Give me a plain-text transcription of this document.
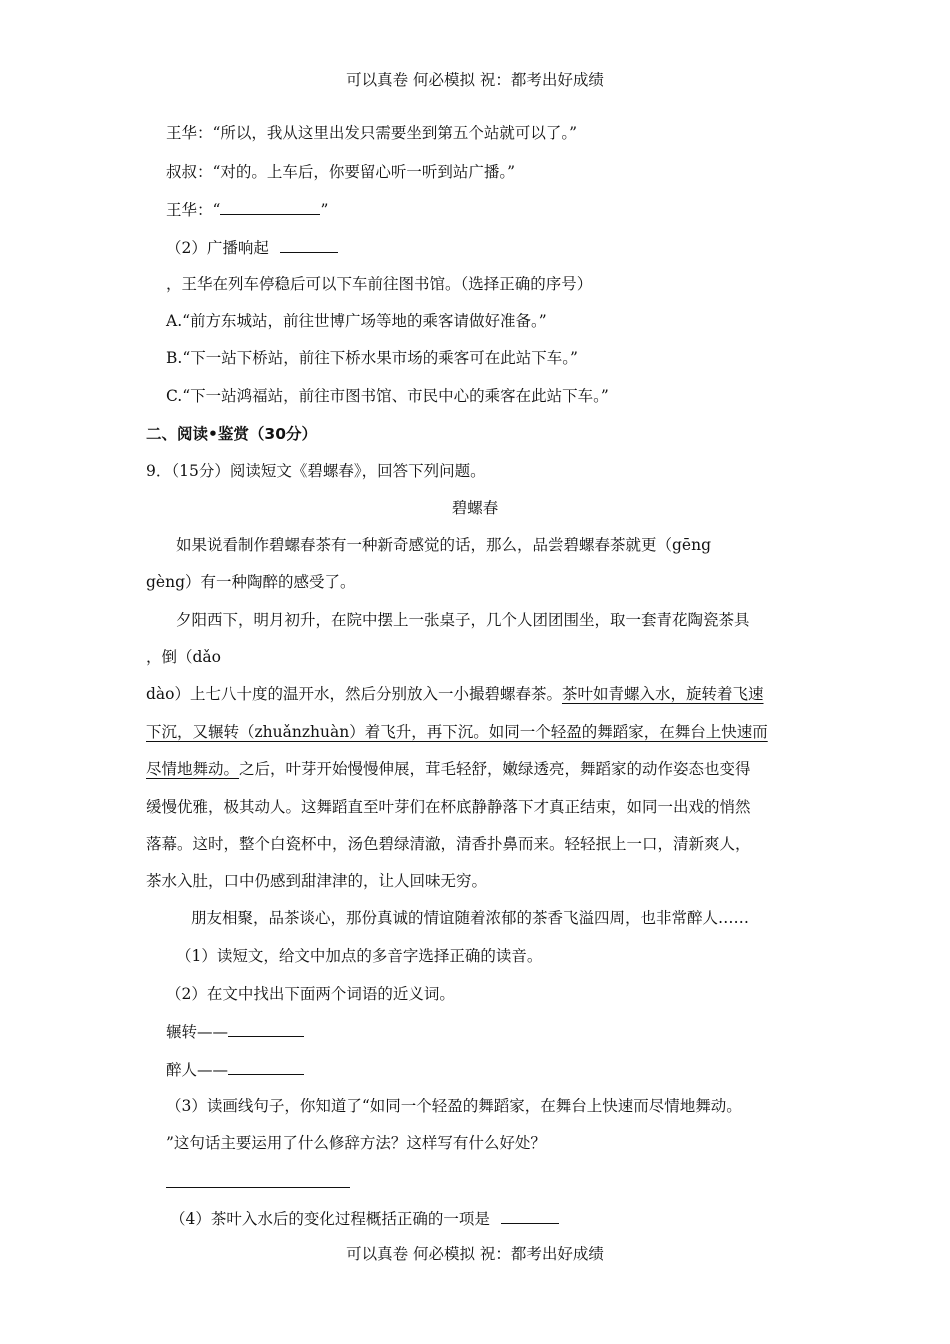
可以真卷 何必模拟 祝：都考出好成绩
王华：“所以，我从这里出发只需要坐到第五个站就可以了。”
叔叔：“对的。上车后，你要留心听一听到站广播。”
王华：“	”
（2）广播响起
，王华在列车停稳后可以下车前往图书馆。（选择正确的序号）
A.“前方东城站，前往世博广场等地的乘客请做好准备。”
B.“下一站下桥站，前往下桥水果市场的乘客可在此站下车。”
C.“下一站鸿福站，前往市图书馆、市民中心的乘客在此站下车。”
二、阅读•鉴赏（30分）
9．（15分）阅读短文《碧螺春》，回答下列问题。
碧螺春
如果说看制作碧螺春茶有一种新奇感觉的话，那么，品尝碧螺春茶就更（gēng
gèng）有一种陶醉的感受了。
夕阳西下，明月初升，在院中摆上一张桌子，几个人团团围坐，取一套青花陶瓷茶具
，倒（dǎo
dào）上七八十度的温开水，然后分别放入一小撮碧螺春茶。茶叶如青螺入水，旋转着飞速
下沉，又辗转（zhuǎnzhuàn）着飞升，再下沉。如同一个轻盈的舞蹈家，在舞台上快速而
尽情地舞动。之后，叶芽开始慢慢伸展，茸毛轻舒，嫩绿透亮，舞蹈家的动作姿态也变得
缓慢优雅，极其动人。这舞蹈直至叶芽们在杯底静静落下才真正结束，如同一出戏的悄然
落幕。这时，整个白瓷杯中，汤色碧绿清澈，清香扑鼻而来。轻轻抿上一口，清新爽人，
茶水入肚，口中仍感到甜津津的，让人回味无穷。
朋友相聚，品茶谈心，那份真诚的情谊随着浓郁的茶香飞溢四周，也非常醉人……
（1）读短文，给文中加点的多音字选择正确的读音。
（2）在文中找出下面两个词语的近义词。
辗转——
醉人——
（3）读画线句子，你知道了“如同一个轻盈的舞蹈家，在舞台上快速而尽情地舞动。
”这句话主要运用了什么修辞方法？这样写有什么好处？
（4）茶叶入水后的变化过程概括正确的一项是
可以真卷 何必模拟 祝：都考出好成绩
